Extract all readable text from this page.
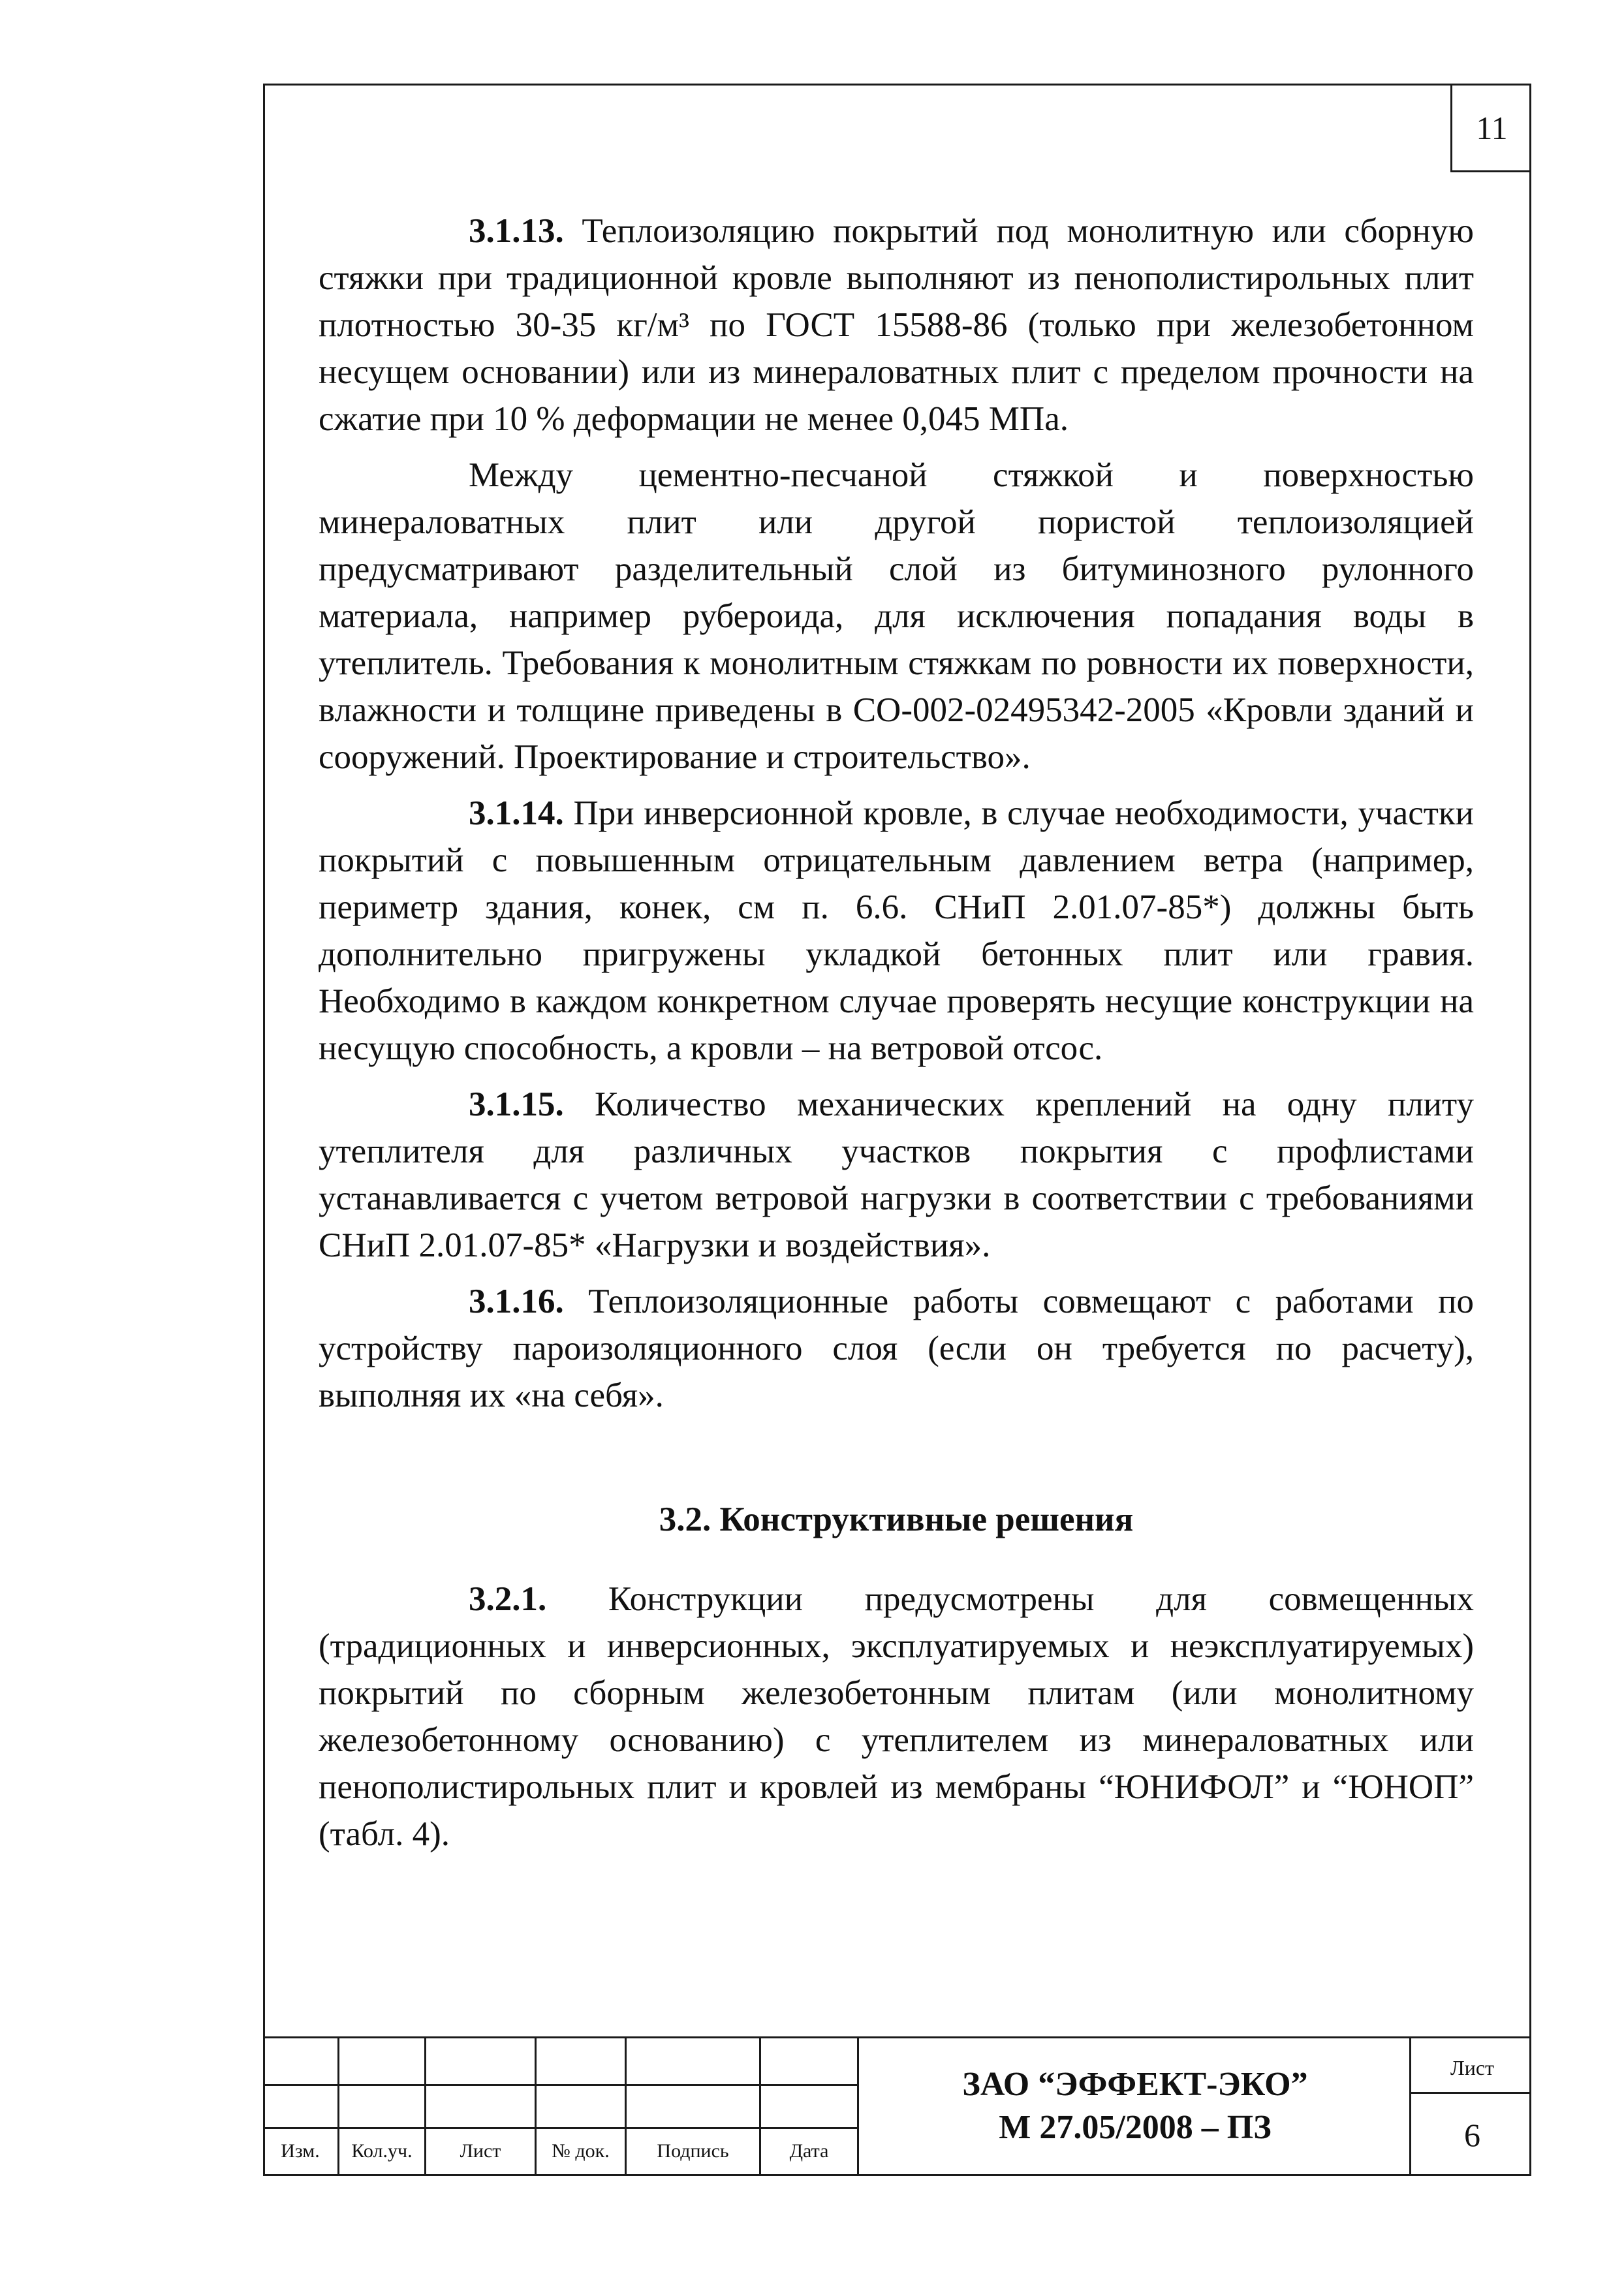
11

3.1.13. Теплоизоляцию покрытий под монолитную или сборную стяжки при традиционной кровле выполняют из пенополистирольных плит плотностью 30-35 кг/м³ по ГОСТ 15588-86 (только при железобетонном несущем основании) или из минераловатных плит с пределом прочности на сжатие при 10 % деформации не менее 0,045 МПа.

Между цементно-песчаной стяжкой и поверхностью минераловатных плит или другой пористой теплоизоляцией предусматривают разделительный слой из битуминозного рулонного материала, например рубероида, для исключения попадания воды в утеплитель. Требования к монолитным стяжкам по ровности их поверхности, влажности и толщине приведены в СО-002-02495342-2005 «Кровли зданий и сооружений. Проектирование и строительство».

3.1.14. При инверсионной кровле, в случае необходимости, участки покрытий с повышенным отрицательным давлением ветра (например, периметр здания, конек, см п. 6.6. СНиП 2.01.07-85*) должны быть дополнительно пригружены укладкой бетонных плит или гравия. Необходимо в каждом конкретном случае проверять несущие конструкции на несущую способность, а кровли – на ветровой отсос.

3.1.15. Количество механических креплений на одну плиту утеплителя для различных участков покрытия с профлистами устанавливается с учетом ветровой нагрузки в соответствии с требованиями СНиП 2.01.07-85* «Нагрузки и воздействия».

3.1.16. Теплоизоляционные работы совмещают с работами по устройству пароизоляционного слоя (если он требуется по расчету), выполняя их «на себя».

3.2. Конструктивные решения

3.2.1. Конструкции предусмотрены для совмещенных (традиционных и инверсионных, эксплуатируемых и неэксплуатируемых) покрытий по сборным железобетонным плитам (или монолитному железобетонному основанию) с утеплителем из минераловатных или пенополистирольных плит и кровлей из мембраны “ЮНИФОЛ” и “ЮНОП” (табл. 4).

Изм.	Кол.уч.	Лист	№ док.	Подпись	Дата
ЗАО “ЭФФЕКТ-ЭКО”
М 27.05/2008 – ПЗ
Лист
6
